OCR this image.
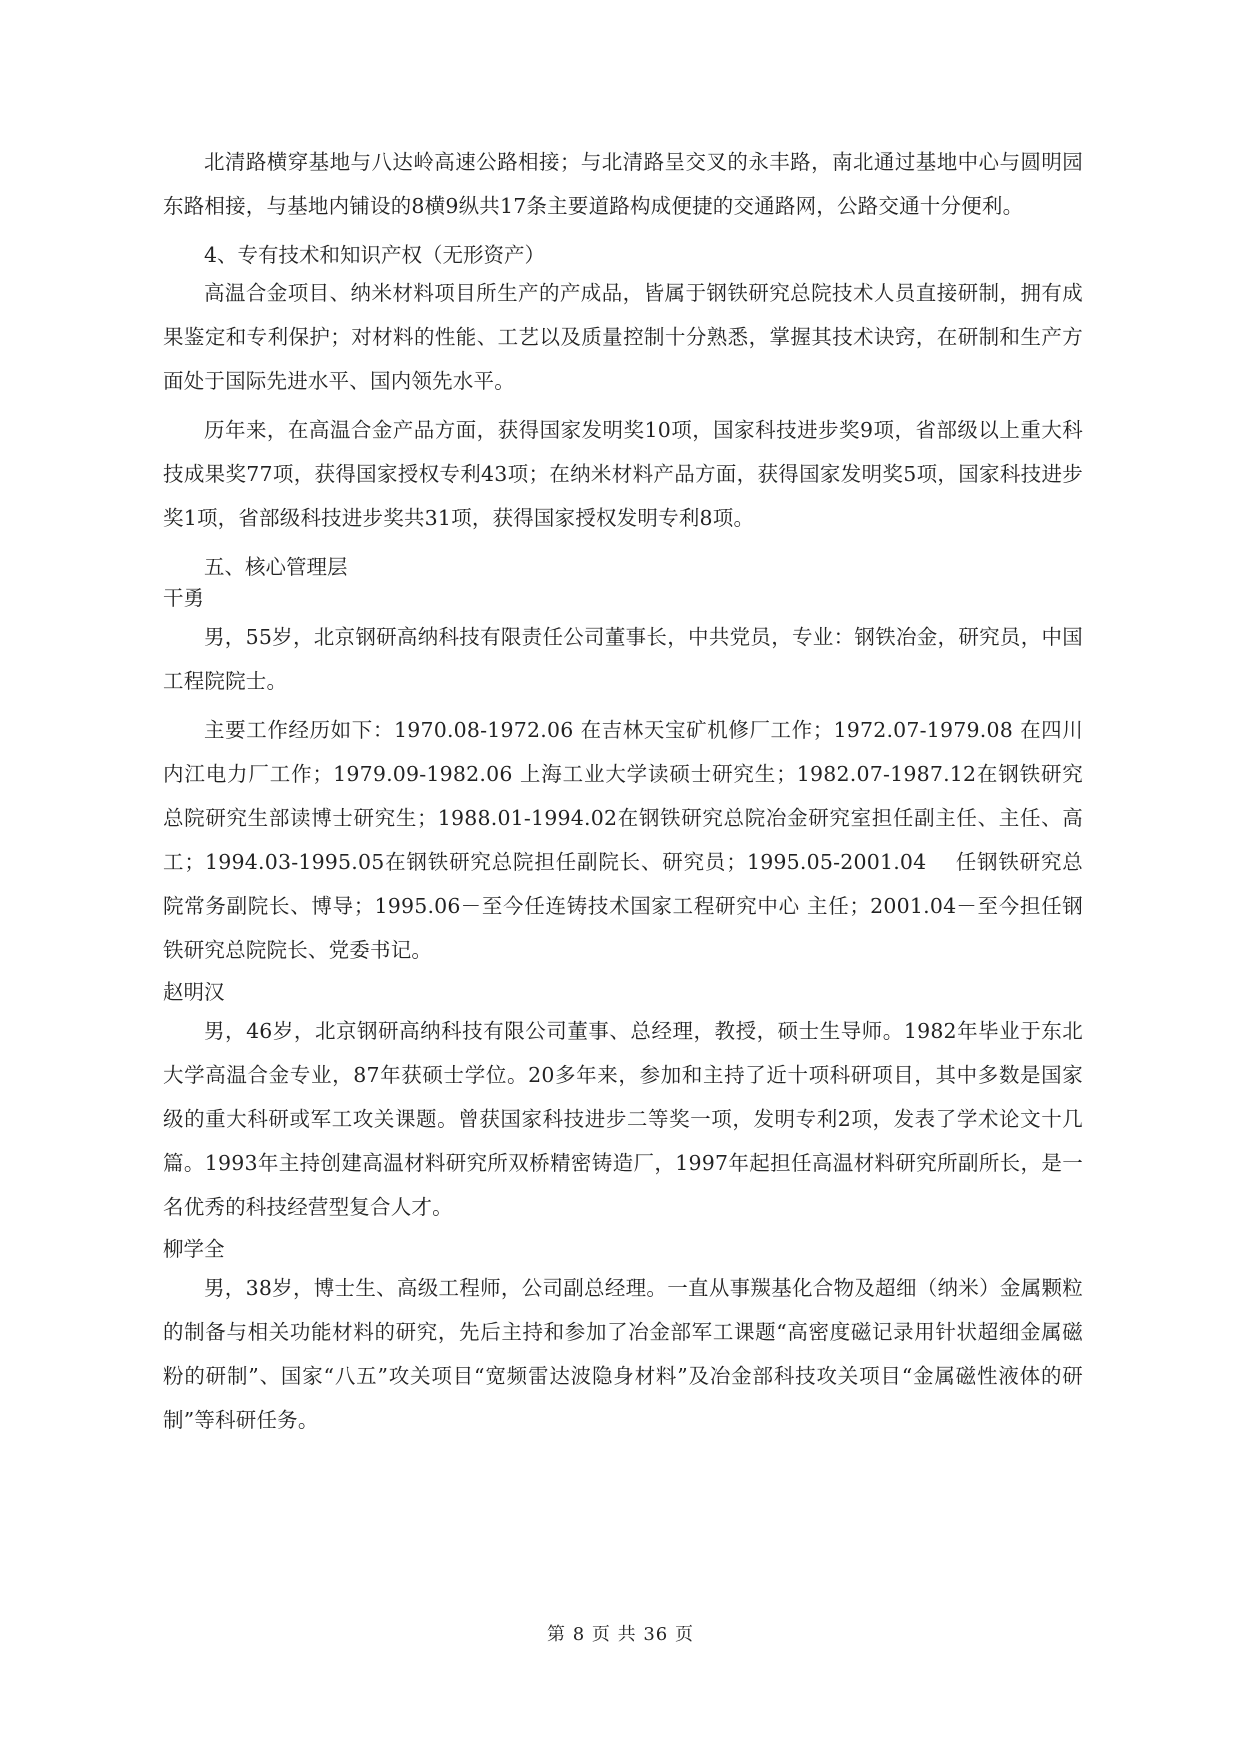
北清路横穿基地与八达岭高速公路相接；与北清路呈交叉的永丰路，南北通过基地中心与圆明园东路相接，与基地内铺设的8横9纵共17条主要道路构成便捷的交通路网，公路交通十分便利。

4、专有技术和知识产权（无形资产）

高温合金项目、纳米材料项目所生产的产成品，皆属于钢铁研究总院技术人员直接研制，拥有成果鉴定和专利保护；对材料的性能、工艺以及质量控制十分熟悉，掌握其技术诀窍，在研制和生产方面处于国际先进水平、国内领先水平。

历年来，在高温合金产品方面，获得国家发明奖10项，国家科技进步奖9项，省部级以上重大科技成果奖77项，获得国家授权专利43项；在纳米材料产品方面，获得国家发明奖5项，国家科技进步奖1项，省部级科技进步奖共31项，获得国家授权发明专利8项。

五、核心管理层

干勇

男，55岁，北京钢研高纳科技有限责任公司董事长，中共党员，专业：钢铁冶金，研究员，中国工程院院士。

主要工作经历如下：1970.08-1972.06 在吉林天宝矿机修厂工作；1972.07-1979.08 在四川内江电力厂工作；1979.09-1982.06 上海工业大学读硕士研究生；1982.07-1987.12在钢铁研究总院研究生部读博士研究生；1988.01-1994.02在钢铁研究总院冶金研究室担任副主任、主任、高工；1994.03-1995.05在钢铁研究总院担任副院长、研究员；1995.05-2001.04　 任钢铁研究总院常务副院长、博导；1995.06－至今任连铸技术国家工程研究中心 主任；2001.04－至今担任钢铁研究总院院长、党委书记。

赵明汉

男，46岁，北京钢研高纳科技有限公司董事、总经理，教授，硕士生导师。1982年毕业于东北大学高温合金专业，87年获硕士学位。20多年来，参加和主持了近十项科研项目，其中多数是国家级的重大科研或军工攻关课题。曾获国家科技进步二等奖一项，发明专利2项，发表了学术论文十几篇。1993年主持创建高温材料研究所双桥精密铸造厂，1997年起担任高温材料研究所副所长，是一名优秀的科技经营型复合人才。

柳学全

男，38岁，博士生、高级工程师，公司副总经理。一直从事羰基化合物及超细（纳米）金属颗粒的制备与相关功能材料的研究，先后主持和参加了冶金部军工课题“高密度磁记录用针状超细金属磁粉的研制”、国家“八五”攻关项目“宽频雷达波隐身材料”及冶金部科技攻关项目“金属磁性液体的研制”等科研任务。

第 8 页 共 36 页
